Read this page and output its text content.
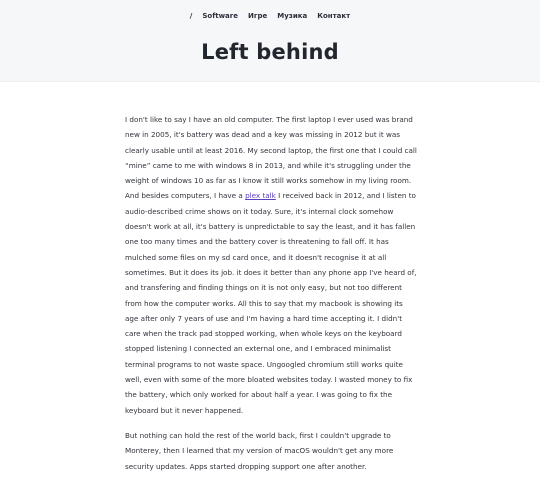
/ Software Игре Музика Контакт
Left behind

I don't like to say I have an old computer. The first laptop I ever used was brand new in 2005, it's battery was dead and a key was missing in 2012 but it was clearly usable until at least 2016. My second laptop, the first one that I could call “mine” came to me with windows 8 in 2013, and while it's struggling under the weight of windows 10 as far as I know it still works somehow in my living room. And besides computers, I have a plex talk I received back in 2012, and I listen to audio-described crime shows on it today. Sure, it's internal clock somehow doesn't work at all, it's battery is unpredictable to say the least, and it has fallen one too many times and the battery cover is threatening to fall off. It has mulched some files on my sd card once, and it doesn't recognise it at all sometimes. But it does its job. it does it better than any phone app I've heard of, and transfering and finding things on it is not only easy, but not too different from how the computer works. All this to say that my macbook is showing its age after only 7 years of use and I'm having a hard time accepting it. I didn't care when the track pad stopped working, when whole keys on the keyboard stopped listening I connected an external one, and I embraced minimalist terminal programs to not waste space. Ungoogled chromium still works quite well, even with some of the more bloated websites today. I wasted money to fix the battery, which only worked for about half a year. I was going to fix the keyboard but it never happened.

But nothing can hold the rest of the world back, first I couldn't upgrade to Monterey, then I learned that my version of macOS wouldn't get any more security updates. Apps started dropping support one after another.
